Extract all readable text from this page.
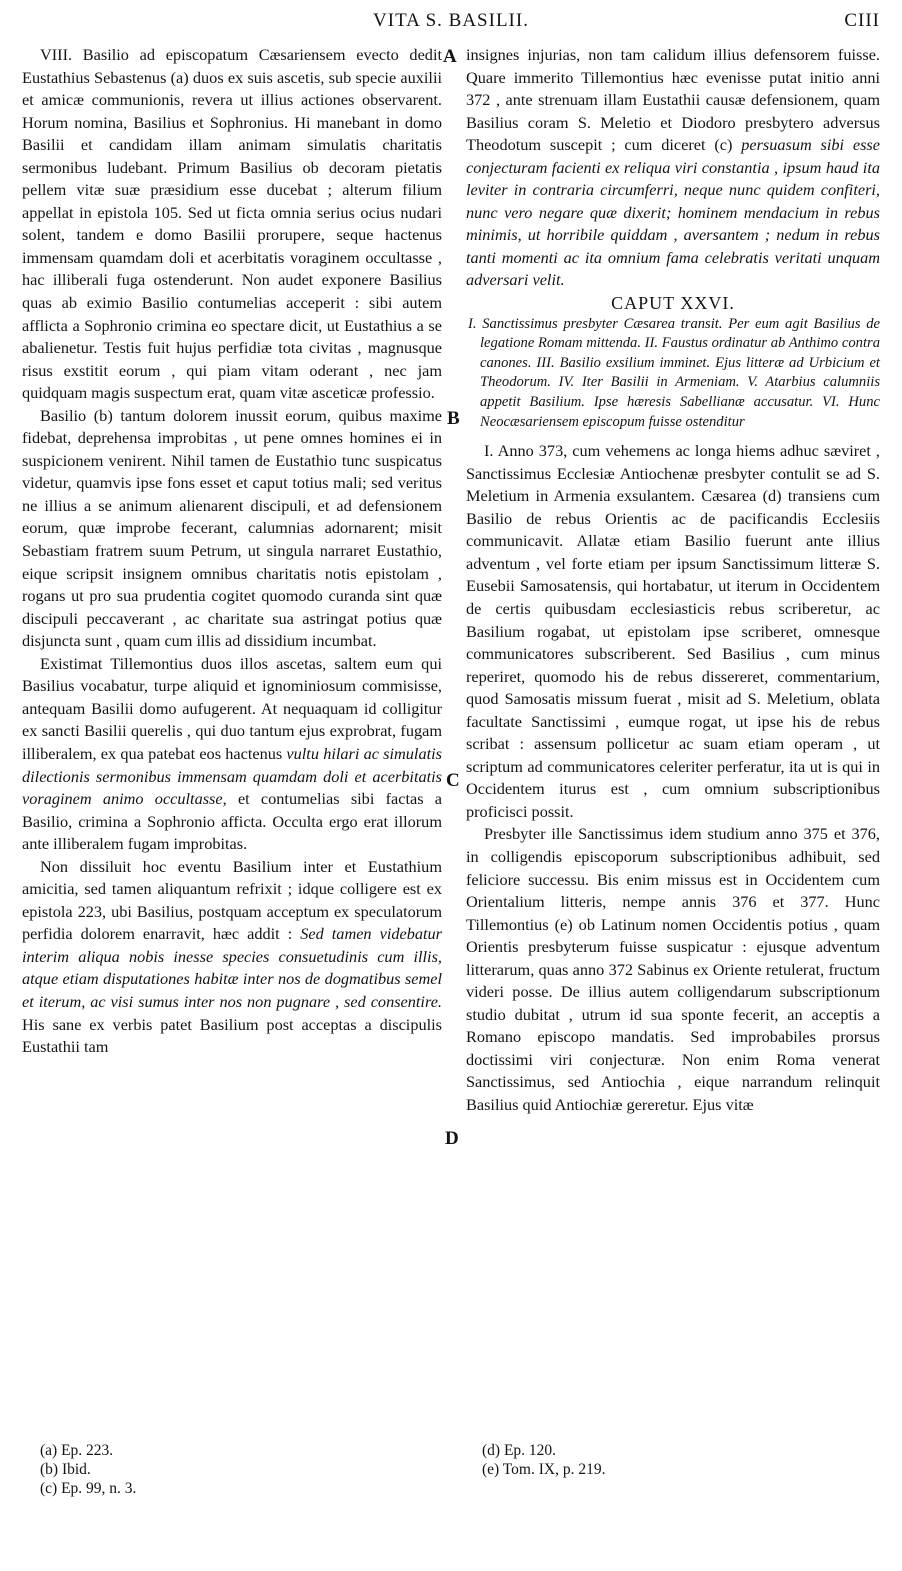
VITA S. BASILII.	CIII

VIII. Basilio ad episcopatum Cæsariensem evecto dedit Eustathius Sebastenus (a) duos ex suis ascetis, sub specie auxilii et amicæ communionis, revera ut illius actiones observarent. Horum nomina, Basilius et Sophronius. Hi manebant in domo Basilii et candidam illam animam simulatis charitatis sermonibus ludebant. Primum Basilius ob decoram pietatis pellem vitæ suæ præsidium esse ducebat ; alterum filium appellat in epistola 105. Sed ut ficta omnia serius ocius nudari solent, tandem e domo Basilii prorupere, seque hactenus immensam quamdam doli et acerbitatis voraginem occultasse , hac illiberali fuga ostenderunt. Non audet exponere Basilius quas ab eximio Basilio contumelias acceperit : sibi autem afflicta a Sophronio crimina eo spectare dicit, ut Eustathius a se abalienetur. Testis fuit hujus perfidiæ tota civitas , magnusque risus exstitit eorum , qui piam vitam oderant , nec jam quidquam magis suspectum erat, quam vitæ asceticæ professio.

Basilio (b) tantum dolorem inussit eorum, quibus maxime fidebat, deprehensa improbitas , ut pene omnes homines ei in suspicionem venirent. Nihil tamen de Eustathio tunc suspicatus videtur, quamvis ipse fons esset et caput totius mali; sed veritus ne illius a se animum alienarent discipuli, et ad defensionem eorum, quæ improbe fecerant, calumnias adornarent; misit Sebastiam fratrem suum Petrum, ut singula narraret Eustathio, eique scripsit insignem omnibus charitatis notis epistolam , rogans ut pro sua prudentia cogitet quomodo curanda sint quæ discipuli peccaverant , ac charitate sua astringat potius quæ disjuncta sunt , quam cum illis ad dissidium incumbat.

Existimat Tillemontius duos illos ascetas, saltem eum qui Basilius vocabatur, turpe aliquid et ignominiosum commisisse, antequam Basilii domo aufugerent. At nequaquam id colligitur ex sancti Basilii querelis , qui duo tantum ejus exprobrat, fugam illiberalem, ex qua patebat eos hactenus vultu hilari ac simulatis dilectionis sermonibus immensam quamdam doli et acerbitatis voraginem animo occultasse, et contumelias sibi factas a Basilio, crimina a Sophronio afficta. Occulta ergo erat illorum ante illiberalem fugam improbitas.

Non dissiluit hoc eventu Basilium inter et Eustathium amicitia, sed tamen aliquantum refrixit ; idque colligere est ex epistola 223, ubi Basilius, postquam acceptum ex speculatorum perfidia dolorem enarravit, hæc addit : Sed tamen videbatur interim aliqua nobis inesse species consuetudinis cum illis, atque etiam disputationes habitæ inter nos de dogmatibus semel et iterum, ac visi sumus inter nos non pugnare , sed consentire. His sane ex verbis patet Basilium post acceptas a discipulis Eustathii tam

insignes injurias, non tam calidum illius defensorem fuisse. Quare immerito Tillemontius hæc evenisse putat initio anni 372 , ante strenuam illam Eustathii causæ defensionem, quam Basilius coram S. Meletio et Diodoro presbytero adversus Theodotum suscepit ; cum diceret (c) persuasum sibi esse conjecturam facienti ex reliqua viri constantia , ipsum haud ita leviter in contraria circumferri, neque nunc quidem confiteri, nunc vero negare quæ dixerit; hominem mendacium in rebus minimis, ut horribile quiddam , aversantem ; nedum in rebus tanti momenti ac ita omnium fama celebratis veritati unquam adversari velit.

CAPUT XXVI.

I. Sanctissimus presbyter Cæsarea transit. Per eum agit Basilius de legatione Romam mittenda. II. Faustus ordinatur ab Anthimo contra canones. III. Basilio exsilium imminet. Ejus litteræ ad Urbicium et Theodorum. IV. Iter Basilii in Armeniam. V. Atarbius calumniis appetit Basilium. Ipse hæresis Sabellianæ accusatur. VI. Hunc Neocæsariensem episcopum fuisse ostenditur

I. Anno 373, cum vehemens ac longa hiems adhuc sæviret , Sanctissimus Ecclesiæ Antiochenæ presbyter contulit se ad S. Meletium in Armenia exsulantem. Cæsarea (d) transiens cum Basilio de rebus Orientis ac de pacificandis Ecclesiis communicavit. Allatæ etiam Basilio fuerunt ante illius adventum , vel forte etiam per ipsum Sanctissimum litteræ S. Eusebii Samosatensis, qui hortabatur, ut iterum in Occidentem de certis quibusdam ecclesiasticis rebus scriberetur, ac Basilium rogabat, ut epistolam ipse scriberet, omnesque communicatores subscriberent. Sed Basilius , cum minus reperiret, quomodo his de rebus dissereret, commentarium, quod Samosatis missum fuerat , misit ad S. Meletium, oblata facultate Sanctissimi , eumque rogat, ut ipse his de rebus scribat : assensum pollicetur ac suam etiam operam , ut scriptum ad communicatores celeriter perferatur, ita ut is qui in Occidentem iturus est , cum omnium subscriptionibus proficisci possit.

Presbyter ille Sanctissimus idem studium anno 375 et 376, in colligendis episcoporum subscriptionibus adhibuit, sed feliciore successu. Bis enim missus est in Occidentem cum Orientalium litteris, nempe annis 376 et 377. Hunc Tillemontius (e) ob Latinum nomen Occidentis potius , quam Orientis presbyterum fuisse suspicatur : ejusque adventum litterarum, quas anno 372 Sabinus ex Oriente retulerat, fructum videri posse. De illius autem colligendarum subscriptionum studio dubitat , utrum id sua sponte fecerit, an acceptis a Romano episcopo mandatis. Sed improbabiles prorsus doctissimi viri conjecturæ. Non enim Roma venerat Sanctissimus, sed Antiochia , eique narrandum relinquit Basilius quid Antiochiæ gereretur. Ejus vitæ

A
B
C
D
(a) Ep. 223.
(b) Ibid.
(c) Ep. 99, n. 3.
(d) Ep. 120.
(e) Tom. IX, p. 219.
